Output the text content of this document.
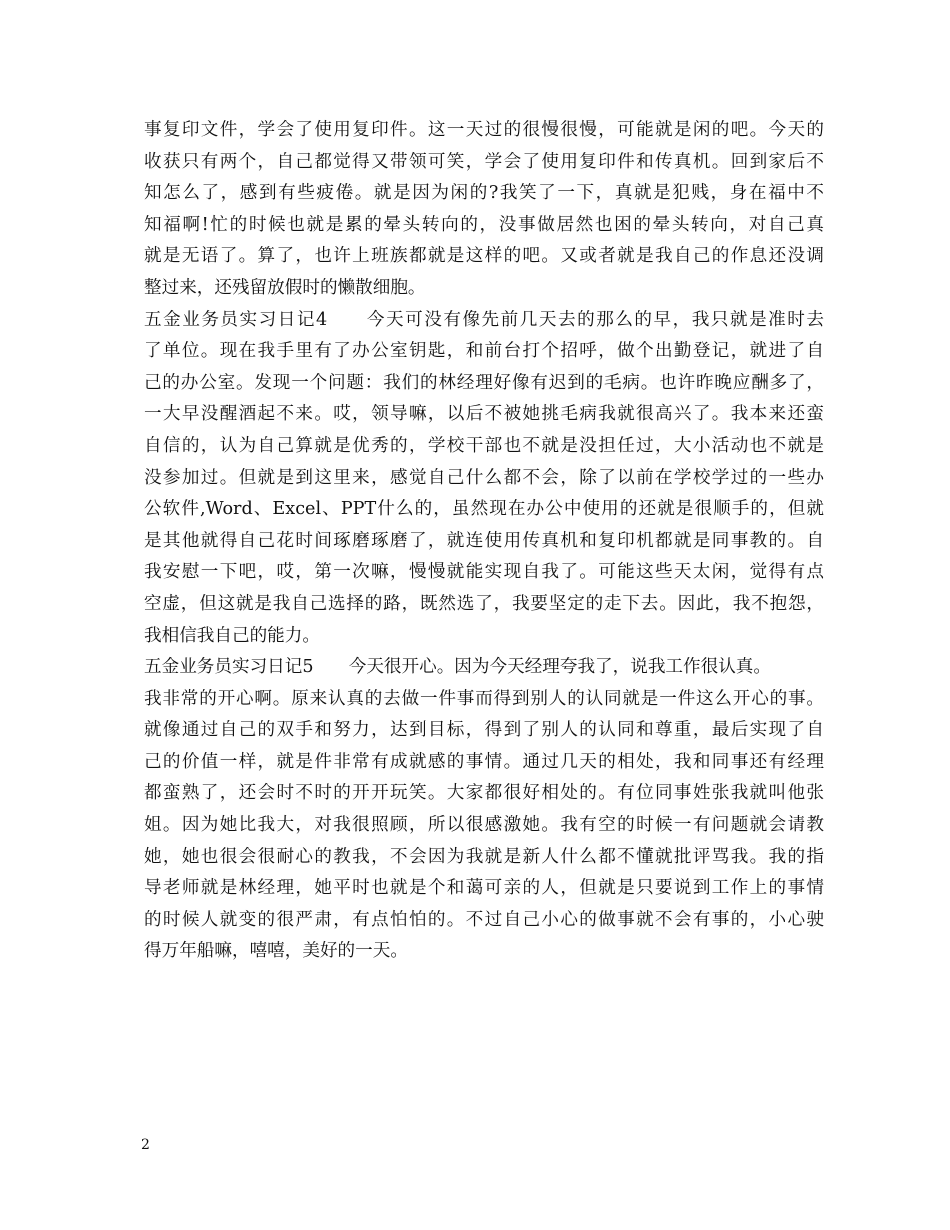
事复印文件，学会了使用复印件。这一天过的很慢很慢，可能就是闲的吧。今天的
收获只有两个，自己都觉得又带领可笑，学会了使用复印件和传真机。回到家后不
知怎么了，感到有些疲倦。就是因为闲的?我笑了一下，真就是犯贱，身在福中不
知福啊!忙的时候也就是累的晕头转向的，没事做居然也困的晕头转向，对自己真
就是无语了。算了，也许上班族都就是这样的吧。又或者就是我自己的作息还没调
整过来，还残留放假时的懒散细胞。
五金业务员实习日记4　　今天可没有像先前几天去的那么的早，我只就是准时去
了单位。现在我手里有了办公室钥匙，和前台打个招呼，做个出勤登记，就进了自
己的办公室。发现一个问题：我们的林经理好像有迟到的毛病。也许昨晚应酬多了，
一大早没醒酒起不来。哎，领导嘛，以后不被她挑毛病我就很高兴了。我本来还蛮
自信的，认为自己算就是优秀的，学校干部也不就是没担任过，大小活动也不就是
没参加过。但就是到这里来，感觉自己什么都不会，除了以前在学校学过的一些办
公软件,Word、Excel、PPT什么的，虽然现在办公中使用的还就是很顺手的，但就
是其他就得自己花时间琢磨琢磨了，就连使用传真机和复印机都就是同事教的。自
我安慰一下吧，哎，第一次嘛，慢慢就能实现自我了。可能这些天太闲，觉得有点
空虚，但这就是我自己选择的路，既然选了，我要坚定的走下去。因此，我不抱怨，
我相信我自己的能力。
五金业务员实习日记5　　今天很开心。因为今天经理夸我了，说我工作很认真。
我非常的开心啊。原来认真的去做一件事而得到别人的认同就是一件这么开心的事。
就像通过自己的双手和努力，达到目标，得到了别人的认同和尊重，最后实现了自
己的价值一样，就是件非常有成就感的事情。通过几天的相处，我和同事还有经理
都蛮熟了，还会时不时的开开玩笑。大家都很好相处的。有位同事姓张我就叫他张
姐。因为她比我大，对我很照顾，所以很感激她。我有空的时候一有问题就会请教
她，她也很会很耐心的教我，不会因为我就是新人什么都不懂就批评骂我。我的指
导老师就是林经理，她平时也就是个和蔼可亲的人，但就是只要说到工作上的事情
的时候人就变的很严肃，有点怕怕的。不过自己小心的做事就不会有事的，小心驶
得万年船嘛，嘻嘻，美好的一天。
2
